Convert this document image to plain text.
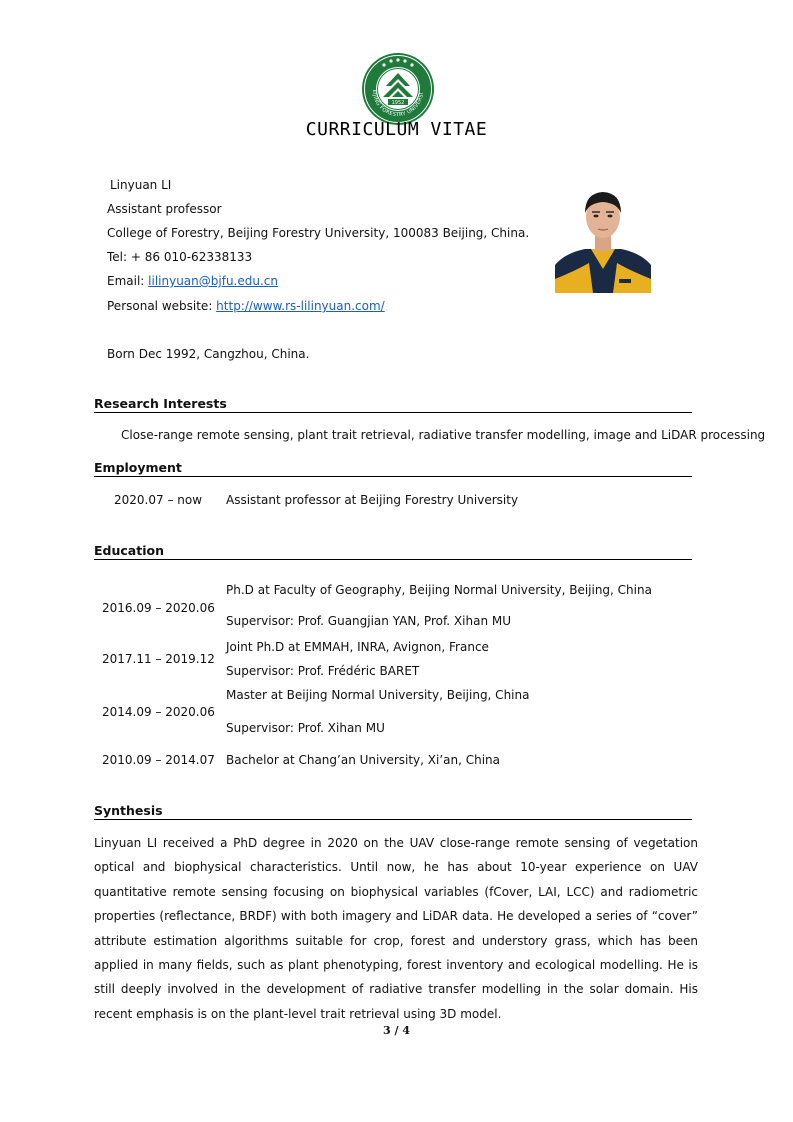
1952
EIJING FORESTRY UNIVERSI
CURRICULUM VITAE
Linyuan LI
Assistant professor
College of Forestry, Beijing Forestry University, 100083 Beijing, China.
Tel: + 86 010-62338133
Email: lilinyuan@bjfu.edu.cn
Personal website: http://www.rs-lilinyuan.com/
Born Dec 1992, Cangzhou, China.
Research Interests
Close-range remote sensing, plant trait retrieval, radiative transfer modelling, image and LiDAR processing
Employment
2020.07 – now Assistant professor at Beijing Forestry University
Education
Ph.D at Faculty of Geography, Beijing Normal University, Beijing, China
2016.09 – 2020.06
Supervisor: Prof. Guangjian YAN, Prof. Xihan MU
Joint Ph.D at EMMAH, INRA, Avignon, France
2017.11 – 2019.12
Supervisor: Prof. Frédéric BARET
Master at Beijing Normal University, Beijing, China
2014.09 – 2020.06
Supervisor: Prof. Xihan MU
2010.09 – 2014.07 Bachelor at Chang’an University, Xi’an, China
Synthesis
Linyuan LI received a PhD degree in 2020 on the UAV close-range remote sensing of vegetation optical and biophysical characteristics. Until now, he has about 10-year experience on UAV quantitative remote sensing focusing on biophysical variables (fCover, LAI, LCC) and radiometric properties (reflectance, BRDF) with both imagery and LiDAR data. He developed a series of “cover” attribute estimation algorithms suitable for crop, forest and understory grass, which has been applied in many fields, such as plant phenotyping, forest inventory and ecological modelling. He is still deeply involved in the development of radiative transfer modelling in the solar domain. His recent emphasis is on the plant-level trait retrieval using 3D model.
3 / 4
